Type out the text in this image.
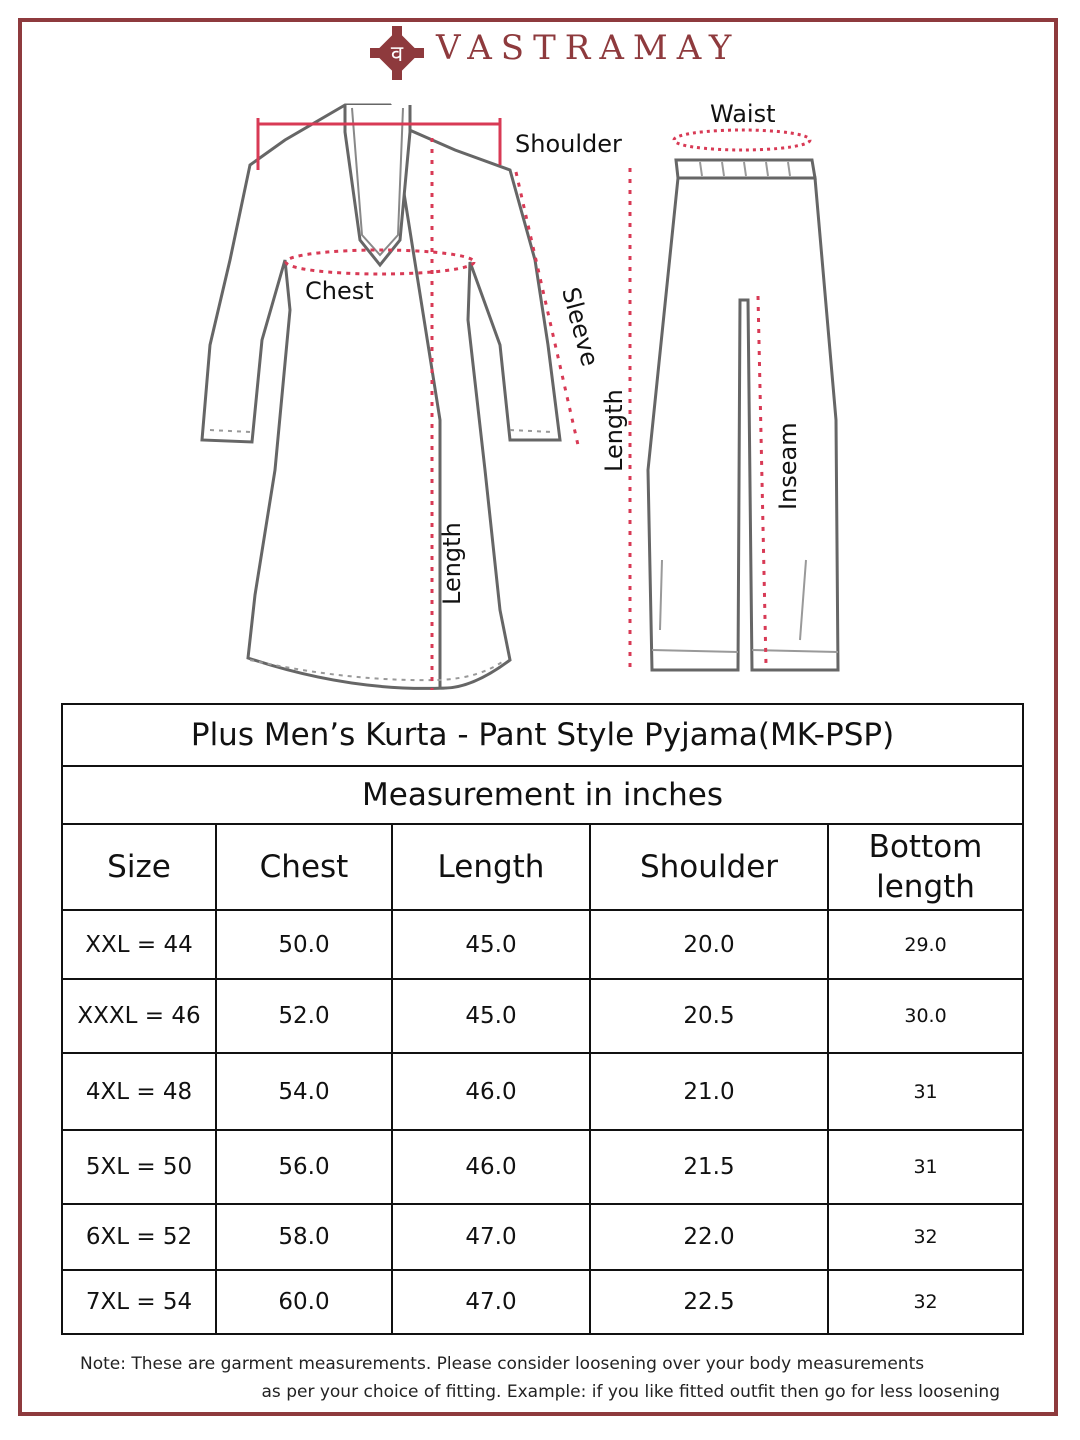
व VASTRAMAY
Shoulder
Chest	Sleeve
Length
Waist
Length	Inseam
Plus Men’s Kurta - Pant Style Pyjama(MK-PSP)				
Measurement in inches				
Size	Chest	Length	Shoulder	Bottom length
XXL = 44	50.0	45.0	20.0	29.0
XXXL = 46	52.0	45.0	20.5	30.0
4XL = 48	54.0	46.0	21.0	31
5XL = 50	56.0	46.0	21.5	31
6XL = 52	58.0	47.0	22.0	32
7XL = 54	60.0	47.0	22.5	32
Note: These are garment measurements. Please consider loosening over your body measurements
as per your choice of fitting. Example: if you like fitted outfit then go for less loosening
